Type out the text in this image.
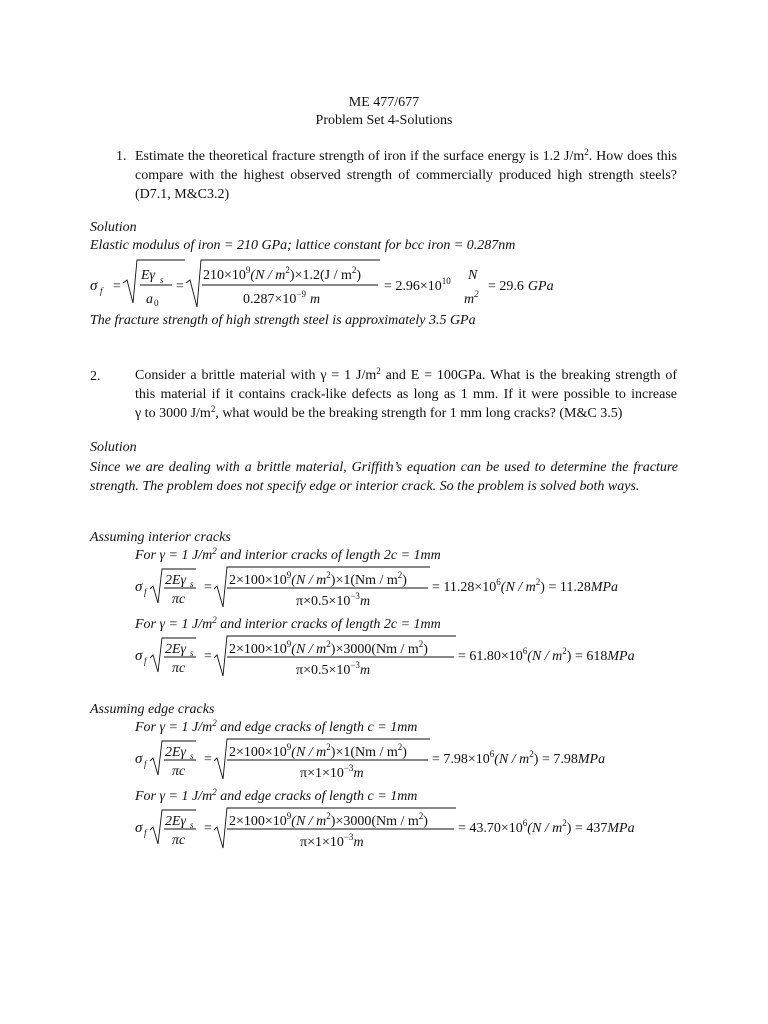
ME 477/677
Problem Set 4-Solutions
1. Estimate the theoretical fracture strength of iron if the surface energy is 1.2 $J/m^2$. How does this compare with the highest observed strength of commercially produced high strength steels? (D7.1, M&C3.2)
Solution
Elastic modulus of iron = 210 GPa; lattice constant for bcc iron = 0.287nm
σ f =
Eγ s
a 0
=
$210\times 10^9(N / m^2)\times 1.2(J / m^2)$
$0.287\times 10^{-9}$ m
= $2.96\times 10^{10}$ N
$m^2 = 29.6$ GPa
The fracture strength of high strength steel is approximately 3.5 GPa
2. Consider a brittle material with γ = 1 $J/m^2$ and E = 100GPa. What is the breaking strength of
this material if it contains crack-like defects as long as 1 mm. If it were possible to increase
γ to 3000 $J/m^2$, what would be the breaking strength for 1 mm long cracks? (M&C 3.5)
Solution
Since we are dealing with a brittle material, Griffith’s equation can be used to determine the fracture strength. The problem does not specify edge or interior crack. So the problem is solved both ways.
Assuming interior cracks
Assuming edge cracks
For γ = 1 $J/m^2$ and interior cracks of length 2c = 1mm
For γ = 1 $J/m^2$ and interior cracks of length 2c = 1mm
For γ = 1 $J/m^2$ and edge cracks of length c = 1mm
For γ = 1 $J/m^2$ and edge cracks of length c = 1mm
σ f
2Eγ s
πc
= $2\times 100\times 10^9(N / m^2)\times 1(Nm / m^2)$
$\pi\times 0.5\times 10^{-3}m$
= $11.28\times 10^6(N / m^2) = 11.28MPa$
σ f
2Eγ s
πc
= $2\times 100\times 10^9(N / m^2)\times 3000(Nm / m^2)$
$\pi\times 0.5\times 10^{-3}m$
= $61.80\times 10^6(N / m^2) = 618MPa$
σ f
2Eγ s
πc
= $2\times 100\times 10^9(N / m^2)\times 1(Nm / m^2)$
$\pi\times 1\times 10^{-3}m$
= $7.98\times 10^6(N / m^2) = 7.98MPa$
σ f
2Eγ s
πc
= $2\times 100\times 10^9(N / m^2)\times 3000(Nm / m^2)$
$\pi\times 1\times 10^{-3}m$
= $43.70\times 10^6(N / m^2) = 437MPa$
